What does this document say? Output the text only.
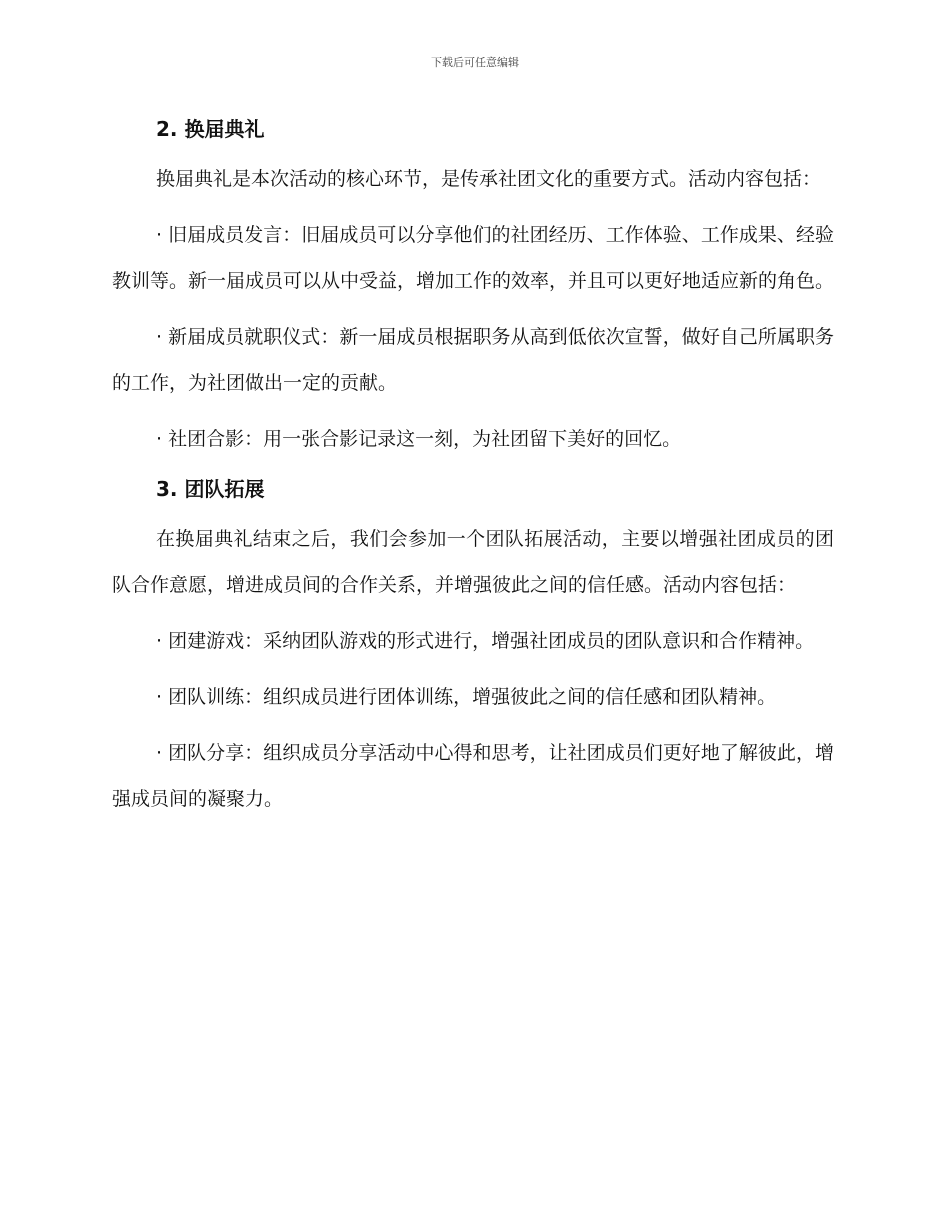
下载后可任意编辑
2. 换届典礼

换届典礼是本次活动的核心环节，是传承社团文化的重要方式。活动内容包括：

· 旧届成员发言：旧届成员可以分享他们的社团经历、工作体验、工作成果、经验教训等。新一届成员可以从中受益，增加工作的效率，并且可以更好地适应新的角色。

· 新届成员就职仪式：新一届成员根据职务从高到低依次宣誓，做好自己所属职务的工作，为社团做出一定的贡献。

· 社团合影：用一张合影记录这一刻，为社团留下美好的回忆。

3. 团队拓展

在换届典礼结束之后，我们会参加一个团队拓展活动，主要以增强社团成员的团队合作意愿，增进成员间的合作关系，并增强彼此之间的信任感。活动内容包括：

· 团建游戏：采纳团队游戏的形式进行，增强社团成员的团队意识和合作精神。

· 团队训练：组织成员进行团体训练，增强彼此之间的信任感和团队精神。

· 团队分享：组织成员分享活动中心得和思考，让社团成员们更好地了解彼此，增强成员间的凝聚力。
